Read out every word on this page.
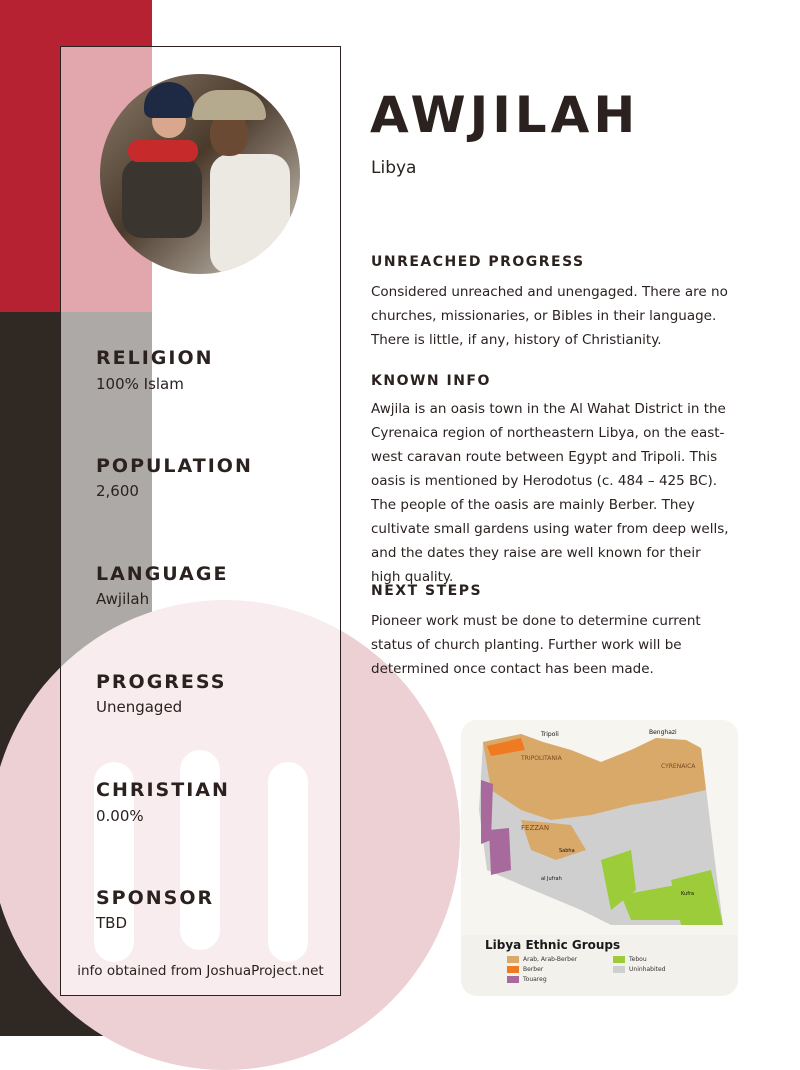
RELIGION

100% Islam

POPULATION

2,600

LANGUAGE

Awjilah

PROGRESS

Unengaged

CHRISTIAN

0.00%

SPONSOR

TBD

info obtained from JoshuaProject.net
AWJILAH

Libya

UNREACHED PROGRESS

Considered unreached and unengaged. There are no churches, missionaries, or Bibles in their language. There is little, if any, history of Christianity.

KNOWN INFO

Awjila is an oasis town in the Al Wahat District in the Cyrenaica region of northeastern Libya, on the east-west caravan route between Egypt and Tripoli. This oasis is mentioned by Herodotus (c. 484 – 425 BC). The people of the oasis are mainly Berber. They cultivate small gardens using water from deep wells, and the dates they raise are well known for their high quality.

NEXT STEPS

Pioneer work must be done to determine current status of church planting. Further work will be determined once contact has been made.

Tripoli	Benghazi
TRIPOLITANIA
CYRENAICA
FEZZAN
Sabha
al Jufrah
Kufra
Libya Ethnic Groups
Arab, Arab-Berber	Tebou
Berber	Uninhabited
Touareg
